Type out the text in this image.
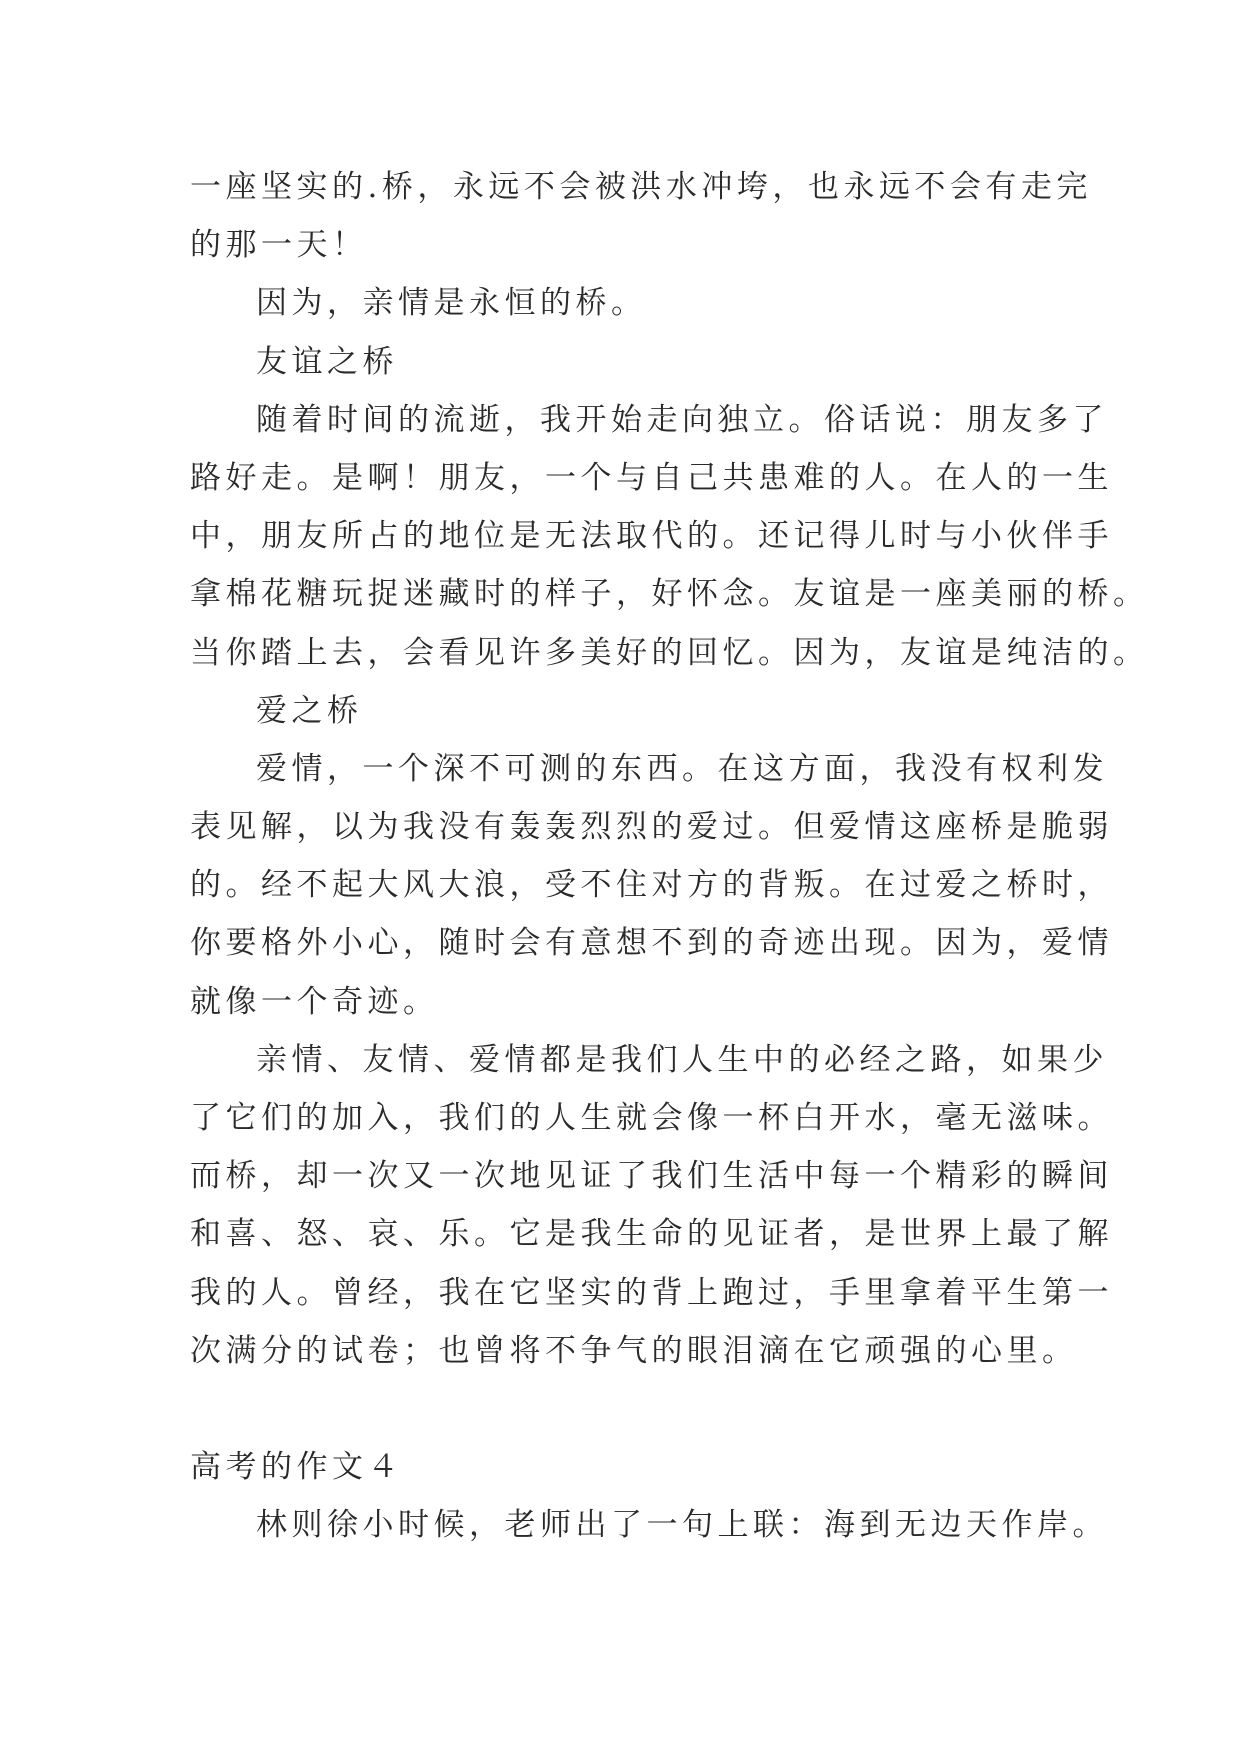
一座坚实的.桥，永远不会被洪水冲垮，也永远不会有走完
的那一天！
因为，亲情是永恒的桥。
友谊之桥
随着时间的流逝，我开始走向独立。俗话说：朋友多了
路好走。是啊！朋友，一个与自己共患难的人。在人的一生
中，朋友所占的地位是无法取代的。还记得儿时与小伙伴手
拿棉花糖玩捉迷藏时的样子，好怀念。友谊是一座美丽的桥。
当你踏上去，会看见许多美好的回忆。因为，友谊是纯洁的。
爱之桥
爱情，一个深不可测的东西。在这方面，我没有权利发
表见解，以为我没有轰轰烈烈的爱过。但爱情这座桥是脆弱
的。经不起大风大浪，受不住对方的背叛。在过爱之桥时，
你要格外小心，随时会有意想不到的奇迹出现。因为，爱情
就像一个奇迹。
亲情、友情、爱情都是我们人生中的必经之路，如果少
了它们的加入，我们的人生就会像一杯白开水，毫无滋味。
而桥，却一次又一次地见证了我们生活中每一个精彩的瞬间
和喜、怒、哀、乐。它是我生命的见证者，是世界上最了解
我的人。曾经，我在它坚实的背上跑过，手里拿着平生第一
次满分的试卷；也曾将不争气的眼泪滴在它顽强的心里。
高考的作文４
林则徐小时候，老师出了一句上联：海到无边天作岸。
